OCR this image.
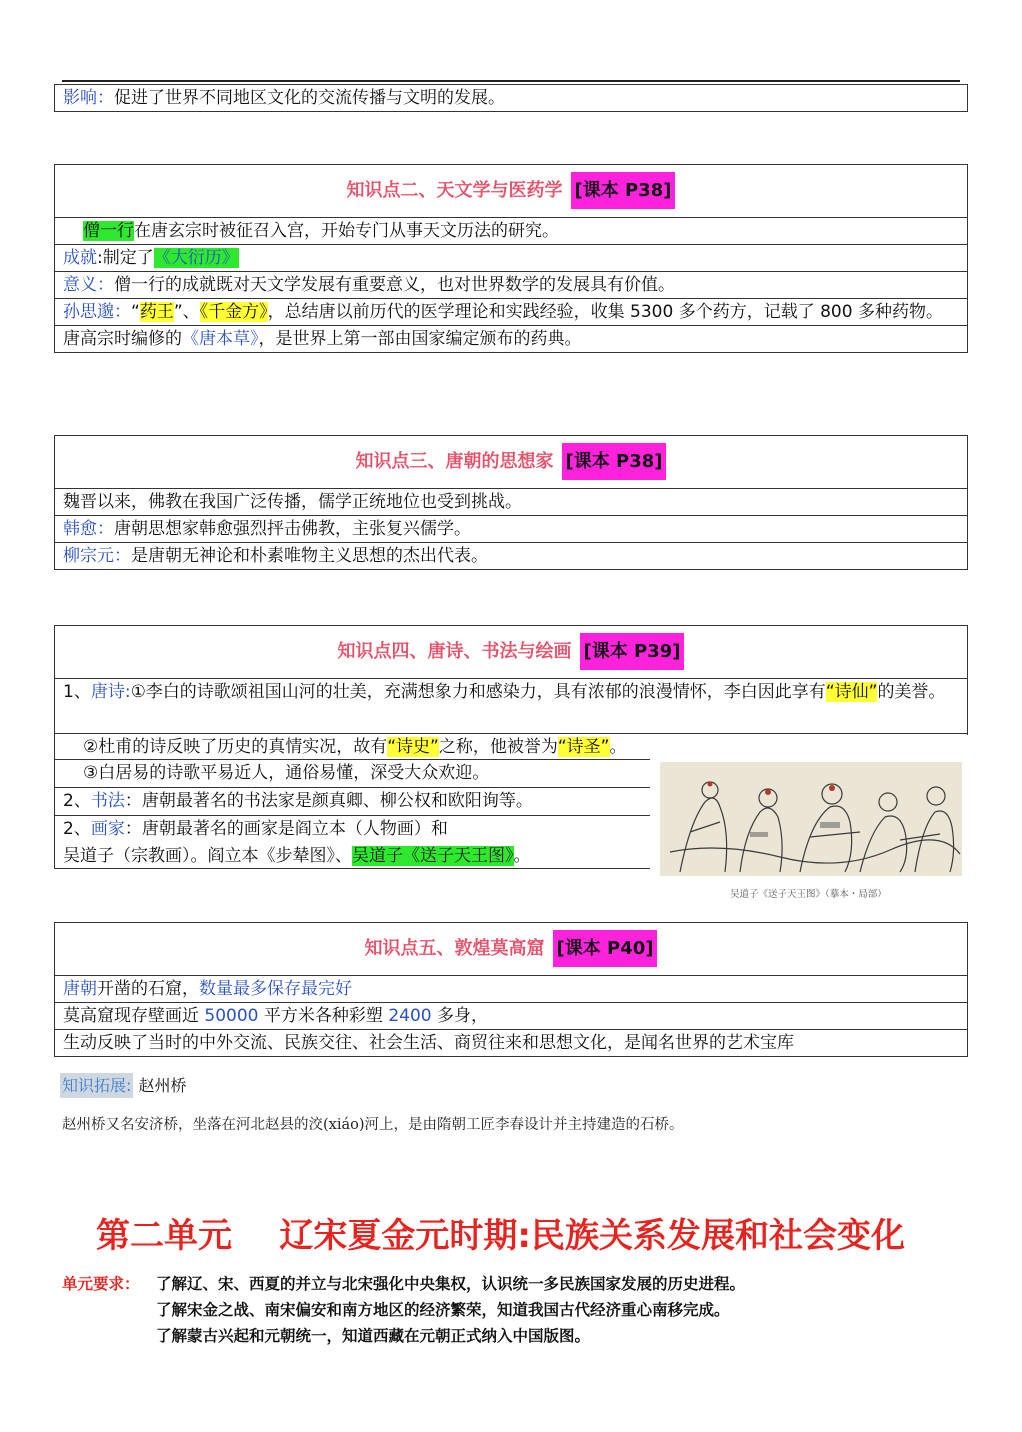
影响：促进了世界不同地区文化的交流传播与文明的发展。
知识点二、天文学与医药学 [课本 P38]
僧一行在唐玄宗时被征召入宫，开始专门从事天文历法的研究。
成就:制定了《大衍历》
意义：僧一行的成就既对天文学发展有重要意义，也对世界数学的发展具有价值。
孙思邈：“药王”、《千金方》，总结唐以前历代的医学理论和实践经验，收集 5300 多个药方，记载了 800 多种药物。
唐高宗时编修的《唐本草》，是世界上第一部由国家编定颁布的药典。
知识点三、唐朝的思想家 [课本 P38]
魏晋以来，佛教在我国广泛传播，儒学正统地位也受到挑战。
韩愈：唐朝思想家韩愈强烈抨击佛教，主张复兴儒学。
柳宗元：是唐朝无神论和朴素唯物主义思想的杰出代表。
知识点四、唐诗、书法与绘画 [课本 P39]
1、唐诗:①李白的诗歌颂祖国山河的壮美，充满想象力和感染力，具有浓郁的浪漫情怀，李白因此享有“诗仙”的美誉。
②杜甫的诗反映了历史的真情实况，故有“诗史”之称，他被誉为“诗圣”。
③白居易的诗歌平易近人，通俗易懂，深受大众欢迎。
2、书法：唐朝最著名的书法家是颜真卿、柳公权和欧阳询等。
2、画家：唐朝最著名的画家是阎立本（人物画）和
吴道子（宗教画）。阎立本《步辇图》、吴道子《送子天王图》。
吴道子《送子天王图》（摹本・局部）
知识点五、敦煌莫高窟 [课本 P40]
唐朝开凿的石窟，数量最多保存最完好
莫高窟现存壁画近 50000 平方米各种彩塑 2400 多身，
生动反映了当时的中外交流、民族交往、社会生活、商贸往来和思想文化，是闻名世界的艺术宝库
知识拓展: 赵州桥
赵州桥又名安济桥，坐落在河北赵县的洨(xiáo)河上，是由隋朝工匠李春设计并主持建造的石桥。
第二单元    辽宋夏金元时期:民族关系发展和社会变化
单元要求： 了解辽、宋、西夏的并立与北宋强化中央集权，认识统一多民族国家发展的历史进程。
了解宋金之战、南宋偏安和南方地区的经济繁荣，知道我国古代经济重心南移完成。
了解蒙古兴起和元朝统一，知道西藏在元朝正式纳入中国版图。
